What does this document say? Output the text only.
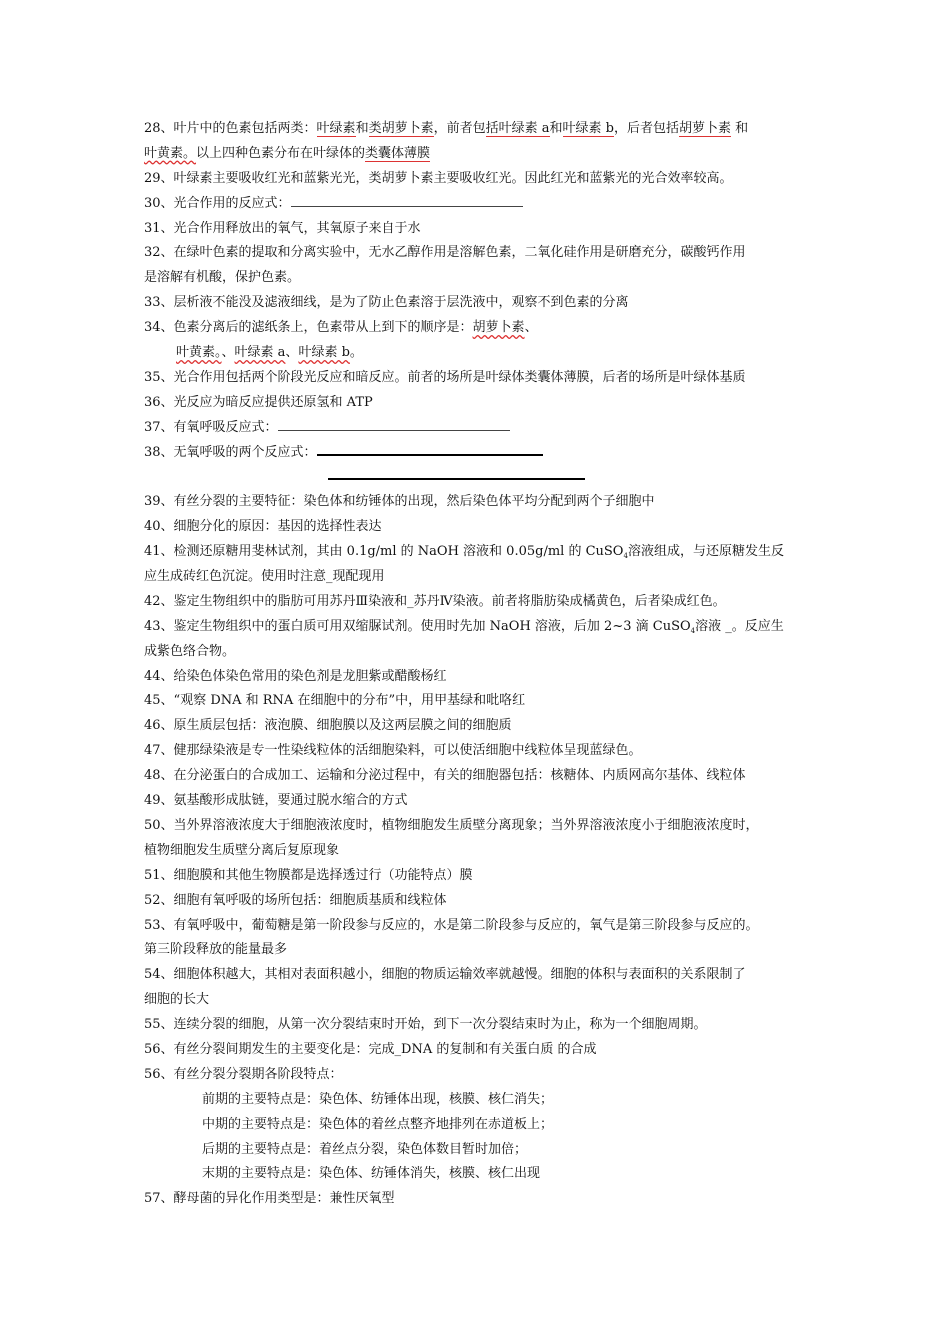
28、叶片中的色素包括两类：叶绿素和类胡萝卜素，前者包括叶绿素 a和叶绿素 b，后者包括胡萝卜素 和
叶黄素。以上四种色素分布在叶绿体的类囊体薄膜
29、叶绿素主要吸收红光和蓝紫光光，类胡萝卜素主要吸收红光。因此红光和蓝紫光的光合效率较高。
30、光合作用的反应式：
31、光合作用释放出的氧气，其氧原子来自于水
32、在绿叶色素的提取和分离实验中，无水乙醇作用是溶解色素，二氧化硅作用是研磨充分，碳酸钙作用
是溶解有机酸，保护色素。
33、层析液不能没及滤液细线，是为了防止色素溶于层洗液中，观察不到色素的分离
34、色素分离后的滤纸条上，色素带从上到下的顺序是：胡萝卜素、
叶黄素。、叶绿素 a、叶绿素 b。
35、光合作用包括两个阶段光反应和暗反应。前者的场所是叶绿体类囊体薄膜，后者的场所是叶绿体基质
36、光反应为暗反应提供还原氢和 ATP
37、有氧呼吸反应式：
38、无氧呼吸的两个反应式：
39、有丝分裂的主要特征：染色体和纺锤体的出现，然后染色体平均分配到两个子细胞中
40、细胞分化的原因：基因的选择性表达
41、检测还原糖用斐林试剂，其由 0.1g/ml 的 NaOH 溶液和 0.05g/ml 的 CuSO$_4$溶液组成，与还原糖发生反
应生成砖红色沉淀。使用时注意_现配现用
42、鉴定生物组织中的脂肪可用苏丹Ⅲ染液和_苏丹Ⅳ染液。前者将脂肪染成橘黄色，后者染成红色。
43、鉴定生物组织中的蛋白质可用双缩脲试剂。使用时先加 NaOH 溶液，后加 2~3 滴 CuSO$_4$溶液 _。反应生
成紫色络合物。
44、给染色体染色常用的染色剂是龙胆紫或醋酸杨红
45、“观察 DNA 和 RNA 在细胞中的分布”中，用甲基绿和吡咯红
46、原生质层包括：液泡膜、细胞膜以及这两层膜之间的细胞质
47、健那绿染液是专一性染线粒体的活细胞染料，可以使活细胞中线粒体呈现蓝绿色。
48、在分泌蛋白的合成加工、运输和分泌过程中，有关的细胞器包括：核糖体、内质网高尔基体、线粒体
49、氨基酸形成肽链，要通过脱水缩合的方式
50、当外界溶液浓度大于细胞液浓度时，植物细胞发生质壁分离现象；当外界溶液浓度小于细胞液浓度时，
植物细胞发生质壁分离后复原现象
51、细胞膜和其他生物膜都是选择透过行（功能特点）膜
52、细胞有氧呼吸的场所包括：细胞质基质和线粒体
53、有氧呼吸中，葡萄糖是第一阶段参与反应的，水是第二阶段参与反应的，氧气是第三阶段参与反应的。
第三阶段释放的能量最多
54、细胞体积越大，其相对表面积越小，细胞的物质运输效率就越慢。细胞的体积与表面积的关系限制了
细胞的长大
55、连续分裂的细胞，从第一次分裂结束时开始，到下一次分裂结束时为止，称为一个细胞周期。
56、有丝分裂间期发生的主要变化是：完成_DNA 的复制和有关蛋白质 的合成
56、有丝分裂分裂期各阶段特点：
前期的主要特点是：染色体、纺锤体出现，核膜、核仁消失；
中期的主要特点是：染色体的着丝点整齐地排列在赤道板上；
后期的主要特点是：着丝点分裂，染色体数目暂时加倍；
末期的主要特点是：染色体、纺锤体消失，核膜、核仁出现
57、酵母菌的异化作用类型是：兼性厌氧型
